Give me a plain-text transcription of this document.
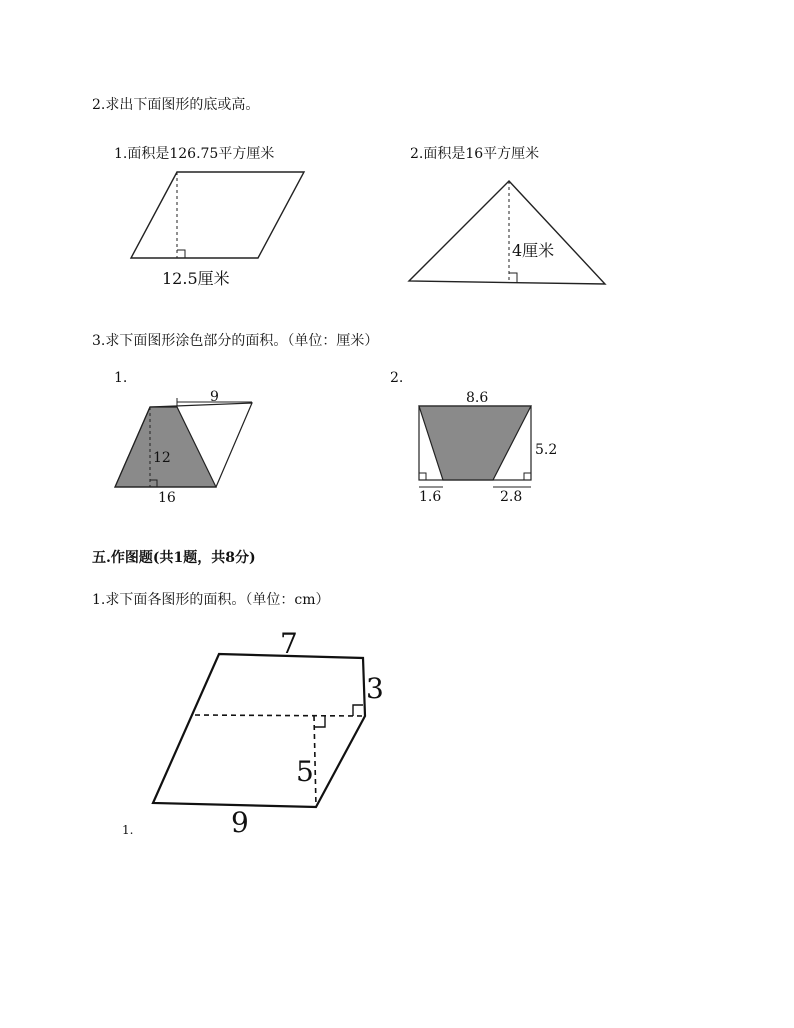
2.求出下面图形的底或高。
1.面积是126.75平方厘米	2.面积是16平方厘米
12.5厘米
4厘米
3.求下面图形涂色部分的面积。（单位：厘米）
1.	2.
9
12
16
8.6
5.2
1.6	2.8
五.作图题(共1题，共8分)
1.求下面各图形的面积。（单位：cm）
7
3
5
9
1.
